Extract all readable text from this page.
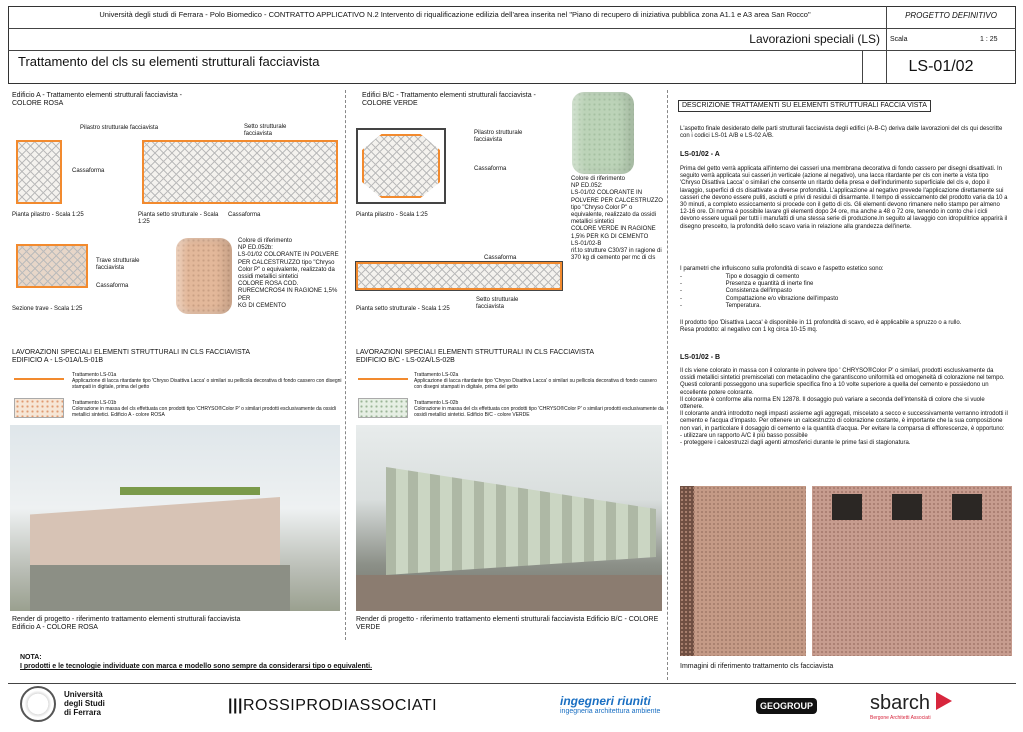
Università degli studi di Ferrara - Polo Biomedico - CONTRATTO APPLICATIVO N.2 Intervento di riqualificazione edilizia dell'area inserita nel "Piano di recupero di iniziativa pubblica zona A1.1 e A3 area San Rocco"	PROGETTO DEFINITIVO
Lavorazioni speciali (LS) Scala	1 : 25
Trattamento del cls su elementi strutturali facciavista	LS-01/02
Edificio A - Trattamento elementi strutturali facciavista -
COLORE ROSA
Pilastro strutturale facciavista
Cassaforma
Pianta pilastro - Scala 1:25
Setto strutturale facciavista
Cassaforma
Pianta setto strutturale - Scala 1:25
Trave strutturale facciavista
Cassaforma
Sezione trave - Scala 1:25
Colore di riferimento
NP ED.052b:
LS-01/02 COLORANTE IN POLVERE PER CALCESTRUZZO tipo "Chryso Color P" o equivalente, realizzato da ossidi metallici sintetici
COLORE ROSA COD. RURECMCROS4 IN RAGIONE 1,5% PER
KG DI CEMENTO
LAVORAZIONI SPECIALI ELEMENTI STRUTTURALI IN CLS FACCIAVISTA
EDIFICIO A - LS-01A/LS-01B
Trattamento LS-01a
Applicazione di lacca ritardante tipo 'Chryso Disattiva Lacca' o similari su pellicola decorativa di fondo cassero con disegni stampati in digitale, prima del getto
Trattamento LS-01b
Colorazione in massa del cls effettuata con prodotti tipo 'CHRYSO®Color P' o similari prodotti esclusivamente da ossidi metallici sintetici. Edificio A - colore ROSA
Render di progetto - riferimento trattamento elementi strutturali facciavista
Edificio A - COLORE ROSA
NOTA:
I prodotti e le tecnologie individuate con marca e modello sono sempre da considerarsi tipo o equivalenti.
Edifici B/C - Trattamento elementi strutturali facciavista -
COLORE VERDE
Pilastro strutturale facciavista
Cassaforma
Pianta pilastro - Scala 1:25
Colore di riferimento
NP ED.052:
LS-01/02 COLORANTE IN POLVERE PER CALCESTRUZZO tipo "Chryso Color P" o equivalente, realizzato da ossidi metallici sintetici
COLORE VERDE IN RAGIONE 1,5% PER KG DI CEMENTO
LS-01/02-B
rif.to strutture C30/37 in ragione di 370 kg di cemento per mc di cls
Cassaforma
Setto strutturale facciavista
Pianta setto strutturale - Scala 1:25
LAVORAZIONI SPECIALI ELEMENTI STRUTTURALI IN CLS FACCIAVISTA
EDIFICIO B/C - LS-02A/LS-02B
Trattamento LS-02a
Applicazione di lacca ritardante tipo 'Chryso Disattiva Lacca' o similari su pellicola decorativa di fondo cassero con disegni stampati in digitale, prima del getto
Trattamento LS-02b
Colorazione in massa del cls effettuata con prodotti tipo 'CHRYSO®Color P' o similari prodotti esclusivamente da ossidi metallici sintetici. Edificio B/C - colore VERDE
Render di progetto - riferimento trattamento elementi strutturali facciavista Edificio B/C - COLORE VERDE
DESCRIZIONE TRATTAMENTI SU ELEMENTI STRUTTURALI FACCIA VISTA
L'aspetto finale desiderato delle parti strutturali facciavista degli edifici (A-B-C) deriva dalle lavorazioni del cls qui descritte con i codici LS-01 A/B e LS-02 A/B.
LS-01/02 - A
Prima del getto verrà applicata all'interno dei casseri una membrana decorativa di fondo cassero per disegni disattivati. In seguito verrà applicata sui casseri,in verticale (azione al negativo), una lacca ritardante per cls con inerte a vista tipo 'Chryso Disattiva Lacca' o similari che consente un ritardo della presa e dell'indurimento superficiale del cls e, dopo il lavaggio, superfici di cls disattivate a diverse profondità. L'applicazione al negativo prevede l'applicazione direttamente sui casseri che devono essere puliti, asciutti e privi di residui di disarmante. Il tempo di essiccamento del prodotto varia da 10 a 30 minuti, a completo essiccamento si procede con il getto di cls. Gli elementi devono rimanere nello stampo per almeno 12-16 ore. Di norma è possibile lavare gli elementi dopo 24 ore, ma anche a 48 o 72 ore, tenendo in conto che i cicli devono essere uguali per tutti i manufatti di una stessa serie di produzione.In seguito al lavaggio con idropulitrice apparirà il disegno prescelto, la profondità dello scavo varia in relazione alla grandezza dell'inerte.
I parametri che influiscono sulla profondità di scavo e l'aspetto estetico sono:
-	Tipo e dosaggio di cemento
-	Presenza e quantità di inerte fine
-	Consistenza dell'impasto
-	Compattazione e/o vibrazione dell'impasto
-	Temperatura.
Il prodotto tipo 'Disattiva Lacca' è disponibile in 11 profondità di scavo, ed è applicabile a spruzzo o a rullo.
Resa prodotto: al negativo con 1 kg circa 10-15 mq.
LS-01/02 - B
Il cls viene colorato in massa con il colorante in polvere tipo ' CHRYSO®Color P' o similari, prodotti esclusivamente da ossidi metallici sintetici premiscelati con metacaolino che garantiscono uniformità ed omogeneità di colorazione nel tempo. Questi coloranti posseggono una superficie specifica fino a 10 volte superiore a quella del cemento e possiedono un eccellente potere colorante.
Il colorante è conforme alla norma EN 12878. Il dosaggio può variare a seconda dell'intensità di colore che si vuole ottenere.
Il colorante andrà introdotto negli impasti assieme agli aggregati, miscelato a secco e successivamente verranno introdotti il cemento e l'acqua d'impasto. Per ottenere un calcestruzzo di colorazione costante, è importante che la sua composizione non vari, in particolare il dosaggio di cemento e la quantità d'acqua. Per evitare la comparsa di efflorescenze, è opportuno:
- utilizzare un rapporto A/C il più basso possibile
- proteggere i calcestruzzi dagli agenti atmosferici durante le prime fasi di stagionatura.
Immagini di riferimento trattamento cls facciavista
Università
degli Studi
di Ferrara	|||ROSSIPRODIASSOCIATI	ingegneri riuniti
ingegneria architettura ambiente
GEOGROUP	sbarch
Bergone Architetti Associati
